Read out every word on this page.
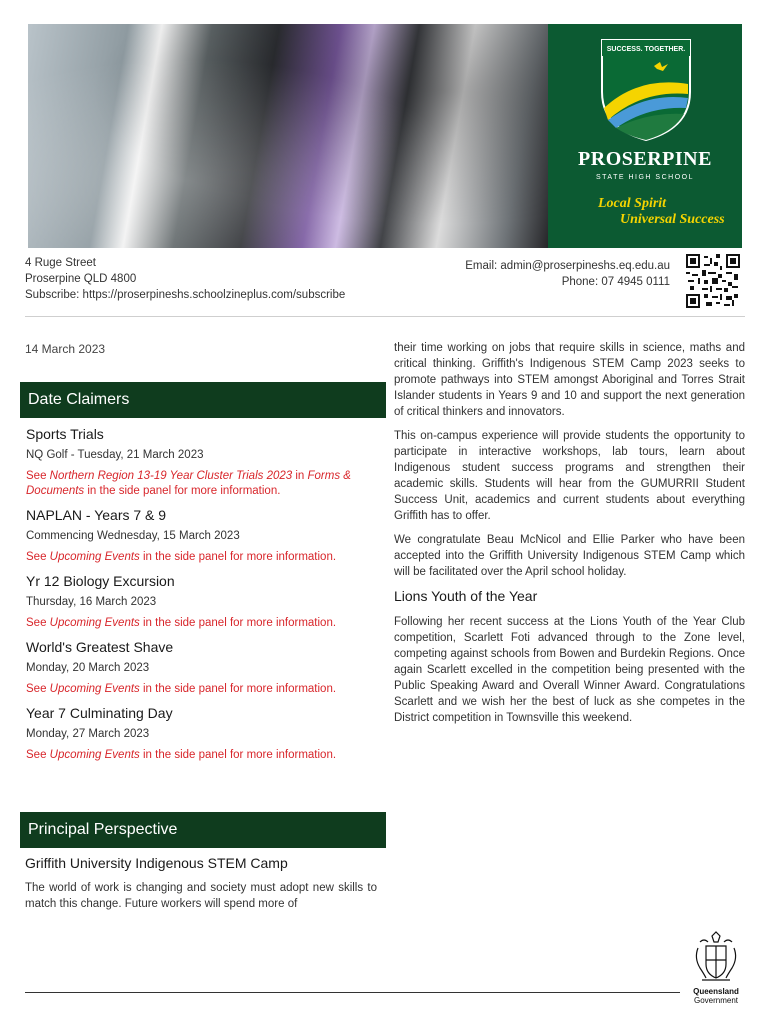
SUCCESS. TOGETHER.
PROSERPINE
STATE HIGH SCHOOL
Local Spirit
Universal Success
4 Ruge Street
Proserpine QLD 4800
Subscribe: https://proserpineshs.schoolzineplus.com/subscribe
Email: admin@proserpineshs.eq.edu.au
Phone: 07 4945 0111
14 March 2023
Date Claimers
Sports Trials
NQ Golf - Tuesday, 21 March 2023
See Northern Region 13-19 Year Cluster Trials 2023 in Forms & Documents in the side panel for more information.
NAPLAN - Years 7 & 9
Commencing Wednesday, 15 March 2023
See Upcoming Events in the side panel for more information.
Yr 12 Biology Excursion
Thursday, 16 March 2023
See Upcoming Events in the side panel for more information.
World's Greatest Shave
Monday, 20 March 2023
See Upcoming Events in the side panel for more information.
Year 7 Culminating Day
Monday, 27 March 2023
See Upcoming Events in the side panel for more information.
Principal Perspective
Griffith University Indigenous STEM Camp
The world of work is changing and society must adopt new skills to match this change. Future workers will spend more of

their time working on jobs that require skills in science, maths and critical thinking. Griffith's Indigenous STEM Camp 2023 seeks to promote pathways into STEM amongst Aboriginal and Torres Strait Islander students in Years 9 and 10 and support the next generation of critical thinkers and innovators.

This on-campus experience will provide students the opportunity to participate in interactive workshops, lab tours, learn about Indigenous student success programs and strengthen their academic skills. Students will hear from the GUMURRII Student Success Unit, academics and current students about everything Griffith has to offer.

We congratulate Beau McNicol and Ellie Parker who have been accepted into the Griffith University Indigenous STEM Camp which will be facilitated over the April school holiday.

Lions Youth of the Year

Following her recent success at the Lions Youth of the Year Club competition, Scarlett Foti advanced through to the Zone level, competing against schools from Bowen and Burdekin Regions. Once again Scarlett excelled in the competition being presented with the Public Speaking Award and Overall Winner Award. Congratulations Scarlett and we wish her the best of luck as she competes in the District competition in Townsville this weekend.

Queensland
Government
